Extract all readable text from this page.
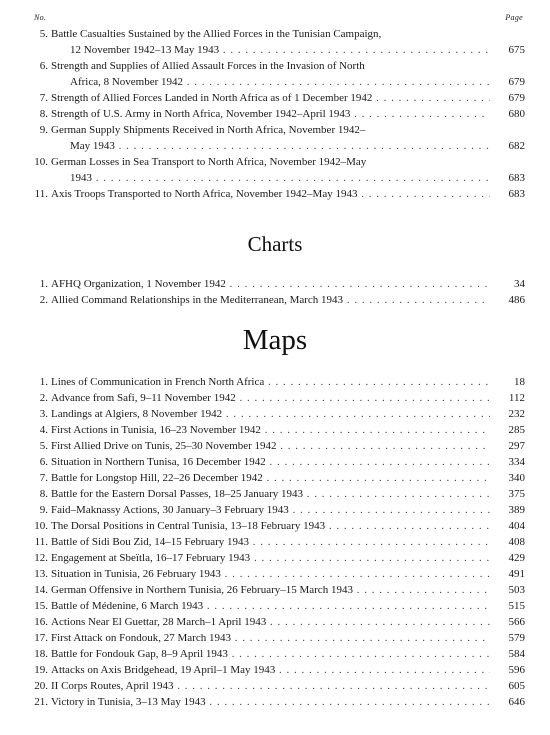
No.	Page
5. Battle Casualties Sustained by the Allied Forces in the Tunisian Campaign,
12 November 1942–13 May 1943 . . .	675
6. Strength and Supplies of Allied Assault Forces in the Invasion of North
Africa, 8 November 1942 . . .	679
7. Strength of Allied Forces Landed in North Africa as of 1 December 1942 . . .	679
8. Strength of U.S. Army in North Africa, November 1942–April 1943 . . .	680
9. German Supply Shipments Received in North Africa, November 1942–
May 1943 . . .	682
10. German Losses in Sea Transport to North Africa, November 1942–May
1943 . . .	683
11. Axis Troops Transported to North Africa, November 1942–May 1943 . . .	683
Charts
1. AFHQ Organization, 1 November 1942 . . .	34
2. Allied Command Relationships in the Mediterranean, March 1943 . . .	486
Maps
1. Lines of Communication in French North Africa . . .	18
2. Advance from Safi, 9–11 November 1942 . . .	112
3. Landings at Algiers, 8 November 1942 . . .	232
4. First Actions in Tunisia, 16–23 November 1942 . . .	285
5. First Allied Drive on Tunis, 25–30 November 1942 . . .	297
6. Situation in Northern Tunisa, 16 December 1942 . . .	334
7. Battle for Longstop Hill, 22–26 December 1942 . . .	340
8. Battle for the Eastern Dorsal Passes, 18–25 January 1943 . . .	375
9. Faid–Maknassy Actions, 30 January–3 February 1943 . . .	389
10. The Dorsal Positions in Central Tunisia, 13–18 February 1943 . . .	404
11. Battle of Sidi Bou Zid, 14–15 February 1943 . . .	408
12. Engagement at Sbeïtla, 16–17 February 1943 . . .	429
13. Situation in Tunisia, 26 February 1943 . . .	491
14. German Offensive in Northern Tunisia, 26 February–15 March 1943 . . .	503
15. Battle of Médenine, 6 March 1943 . . .	515
16. Actions Near El Guettar, 28 March–1 April 1943 . . .	566
17. First Attack on Fondouk, 27 March 1943 . . .	579
18. Battle for Fondouk Gap, 8–9 April 1943 . . .	584
19. Attacks on Axis Bridgehead, 19 April–1 May 1943 . . .	596
20. II Corps Routes, April 1943 . . .	605
21. Victory in Tunisia, 3–13 May 1943 . . .	646
